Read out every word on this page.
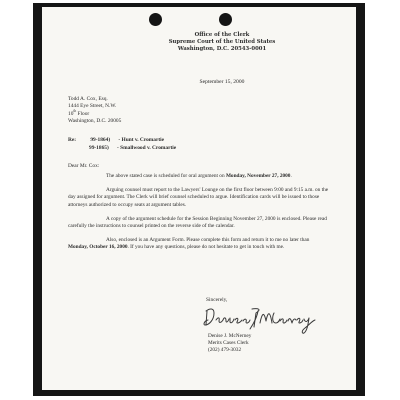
Office of the Clerk
Supreme Court of the United States
Washington, D.C. 20543-0001
September 15, 2000
Todd A. Cox, Esq.
1444 Eye Street, N.W.
10th Floor
Washington, D.C. 20005
Re:	99-1864) - Hunt v. Cromartie
99-1865) - Smallwood v. Cromartie
Dear Mr. Cox:

The above stated case is scheduled for oral argument on Monday, November 27, 2000.

Arguing counsel must report to the Lawyers' Lounge on the first floor between 9:00 and 9:15 a.m. on the day assigned for argument. The Clerk will brief counsel scheduled to argue. Identification cards will be issued to those attorneys authorized to occupy seats at argument tables.

A copy of the argument schedule for the Session Beginning November 27, 2000 is enclosed. Please read carefully the instructions to counsel printed on the reverse side of the calendar.

Also, enclosed is an Argument Form. Please complete this form and return it to me no later than Monday, October 16, 2000. If you have any questions, please do not hesitate to get in touch with me.

Sincerely,
Denise J. McNerney
Merits Cases Clerk
(202) 479-3032
